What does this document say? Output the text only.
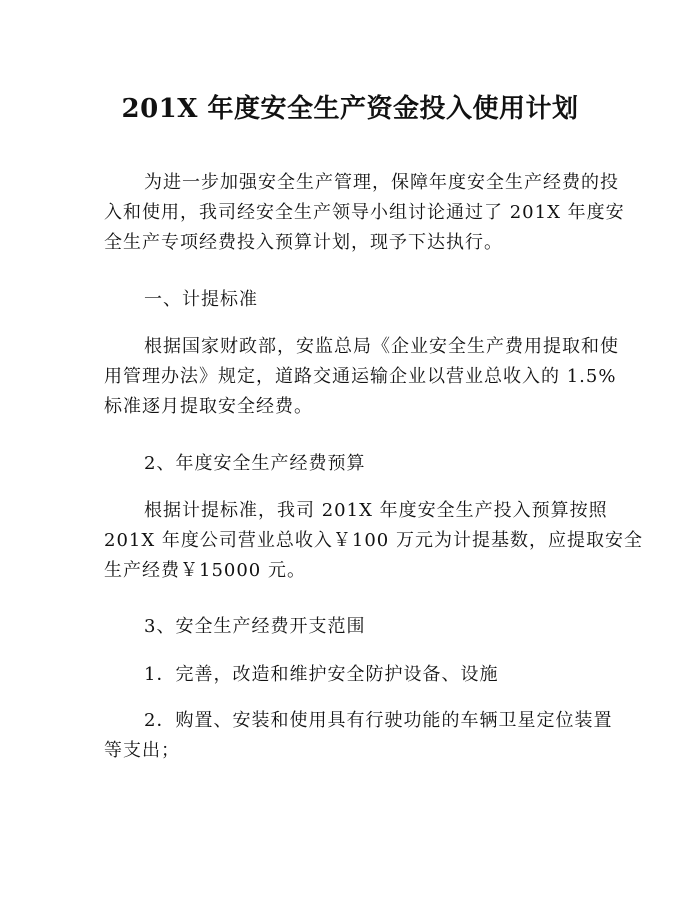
201X 年度安全生产资金投入使用计划
为进一步加强安全生产管理，保障年度安全生产经费的投
入和使用，我司经安全生产领导小组讨论通过了 201X 年度安
全生产专项经费投入预算计划，现予下达执行。
一、计提标准
根据国家财政部，安监总局《企业安全生产费用提取和使
用管理办法》规定，道路交通运输企业以营业总收入的 1.5%
标准逐月提取安全经费。
2、年度安全生产经费预算
根据计提标准，我司 201X 年度安全生产投入预算按照
201X 年度公司营业总收入￥100 万元为计提基数，应提取安全
生产经费￥15000 元。
3、安全生产经费开支范围
1．完善，改造和维护安全防护设备、设施
2．购置、安装和使用具有行驶功能的车辆卫星定位装置
等支出；
